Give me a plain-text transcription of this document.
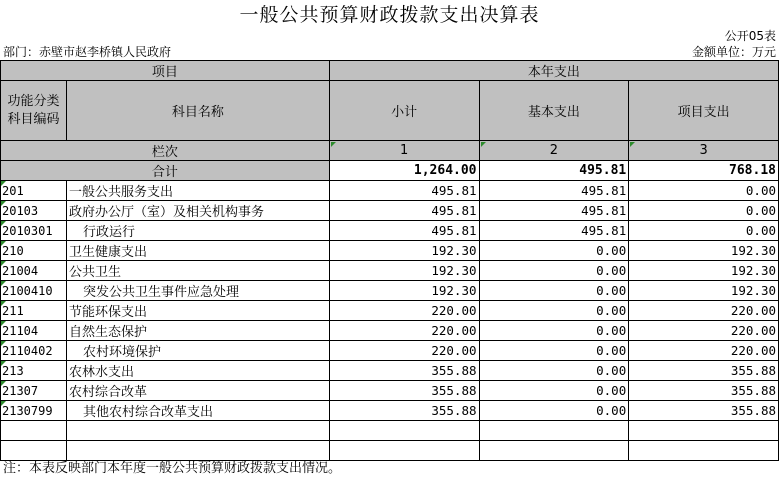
一般公共预算财政拨款支出决算表
公开05表
部门：赤壁市赵李桥镇人民政府	金额单位：万元
项目		本年支出		
功能分类科目编码	科目名称	小计	基本支出	项目支出
栏次		1	2	3
合计		1,264.00	495.81	768.18
201	一般公共服务支出	495.81	495.81	0.00
20103	政府办公厅（室）及相关机构事务	495.81	495.81	0.00
2010301	行政运行	495.81	495.81	0.00
210	卫生健康支出	192.30	0.00	192.30
21004	公共卫生	192.30	0.00	192.30
2100410	突发公共卫生事件应急处理	192.30	0.00	192.30
211	节能环保支出	220.00	0.00	220.00
21104	自然生态保护	220.00	0.00	220.00
2110402	农村环境保护	220.00	0.00	220.00
213	农林水支出	355.88	0.00	355.88
21307	农村综合改革	355.88	0.00	355.88
2130799	其他农村综合改革支出	355.88	0.00	355.88

注：本表反映部门本年度一般公共预算财政拨款支出情况。
